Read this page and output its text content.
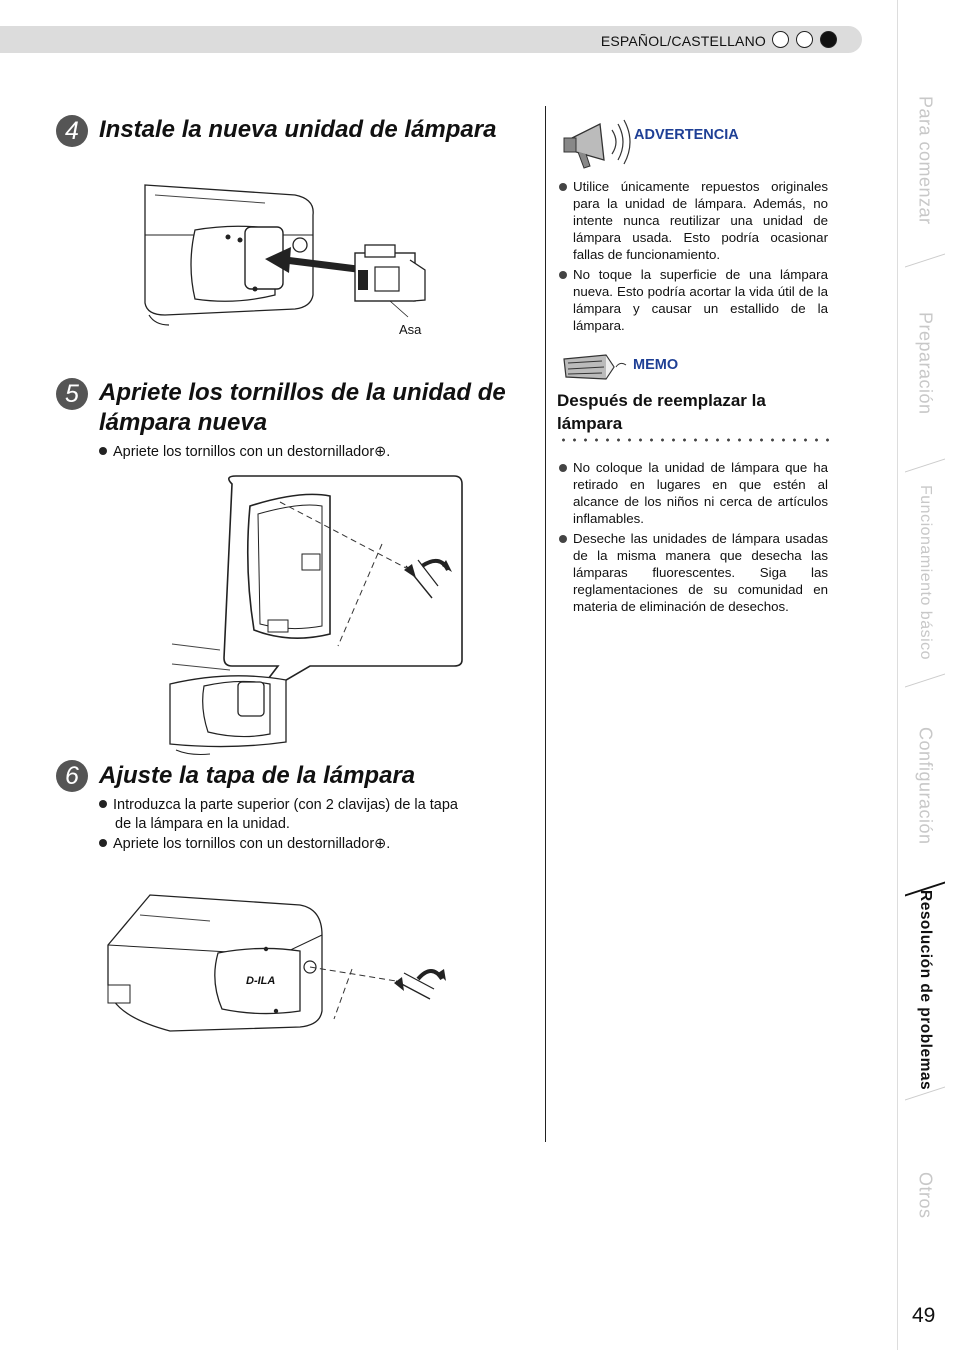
ESPAÑOL/CASTELLANO
4 Instale la nueva unidad de lámpara
Asa
5 Apriete los tornillos de la unidad de
lámpara nueva
Apriete los tornillos con un destornillador⊕.
6 Ajuste la tapa de la lámpara
Introduzca la parte superior (con 2 clavijas) de la tapa
de la lámpara en la unidad.
Apriete los tornillos con un destornillador⊕.
D-ILA
ADVERTENCIA
Utilice únicamente repuestos originales para la unidad de lámpara. Además, no intente nunca reutilizar una unidad de lámpara usada. Esto podría ocasionar fallas de funcionamiento.
No toque la superficie de una lámpara nueva. Esto podría acortar la vida útil de la lámpara y causar un estallido de la lámpara.
MEMO
Después de reemplazar la lámpara
No coloque la unidad de lámpara que ha retirado en lugares en que estén al alcance de los niños ni cerca de artículos inflamables.
Deseche las unidades de lámpara usadas de la misma manera que desecha las lámparas fluorescentes. Siga las reglamentaciones de su comunidad en materia de eliminación de desechos.
Para comenzar
Preparación
Funcionamiento básico
Configuración
Resolución de problemas
Otros
49
